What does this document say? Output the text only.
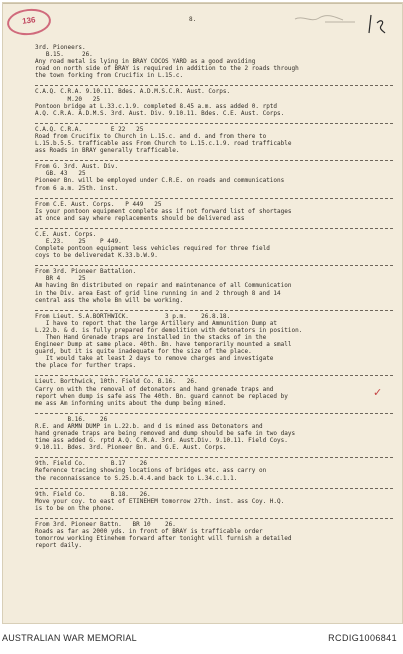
136	8.

3rd. Pioneers.

B.15.     26.

Any road metal is lying in BRAY COCOS YARD as a good avoiding

road on north side of BRAY is required in addition to the 2 roads through

the town forking from Crucifix in L.15.c.

C.A.Q. C.R.A. 9.10.11. Bdes. A.D.M.S.C.R. Aust. Corps.

M.20   25

Pontoon bridge at L.33.c.1.9. completed 8.45 a.m. ass added 0. rptd

A.Q. C.R.A. A.D.M.S. 3rd. Aust. Div. 9.10.11. Bdes. C.E. Aust. Corps.

C.A.Q. C.R.A.        E 22   25

Road from Crucifix to Church in L.15.c. and d. and from there to

L.15.b.5.5. trafficable ass From Church to L.15.c.1.9. road trafficable

ass Roads in BRAY generally trafficable.

From G. 3rd. Aust. Div.

GB. 43   25

Pioneer Bn. will be employed under C.R.E. on roads and communications

from 6 a.m. 25th. inst.

From C.E. Aust. Corps.   P 449   25

Is your pontoon equipment complete ass if not forward list of shortages

at once and say where replacements should be delivered ass

C.E. Aust. Corps.

E.23.    25    P 449.

Complete pontoon equipment less vehicles required for three field

coys to be deliveredat K.33.b.W.9.

From 3rd. Pioneer Battalion.

BR 4     25

Am having Bn distributed on repair and maintenance of all Communication

in the Div. area East of grid line running in and 2 through 8 and 14

central ass the whole Bn will be working.

From Lieut. S.A.BORTHWICK.          3 p.m.    26.8.18.

I have to report that the large Artillery and Ammunition Dump at

L.22.b. & d. is fully prepared for demolition with detonators in position.

Then Hand Grenade traps are installed in the stacks of in the

Engineer Dump at same place. 40th. Bn. have temporarily mounted a small

guard, but it is quite inadequate for the size of the place.

It would take at least 2 days to remove charges and investigate

the place for further traps.

Lieut. Borthwick, 10th. Field Co. B.16.   26.

Carry on with the removal of detonators and hand grenade traps and

report when dump is safe ass The 40th. Bn. guard cannot be replaced by

me ass Am informing units about the dump being mined.

B.16.    26

R.E. and ARMN DUMP in L.22.b. and d is mined ass Detonators and

hand grenade traps are being removed and dump should be safe in two days

time ass added G. rptd A.Q. C.R.A. 3rd. Aust.Div. 9.10.11. Field Coys.

9.10.11. Bdes. 3rd. Pioneer Bn. and G.E. Aust. Corps.

9th. Field Co.       B.17    26

Reference tracing showing locations of bridges etc. ass carry on

the reconnaissance to S.25.b.4.4.and back to L.34.c.1.1.

9th. Field Co.       B.18.   26.

Move your coy. to east of ETINEHEM tomorrow 27th. inst. ass Coy. H.Q.

is to be on the phone.

From 3rd. Pioneer Battn.   BR 10    26.

Roads as far as 2000 yds. in front of BRAY is trafficable order

tomorrow working Etinehem forward after tonight will furnish a detailed

report daily.

✓
AUSTRALIAN WAR MEMORIAL	RCDIG1006841
